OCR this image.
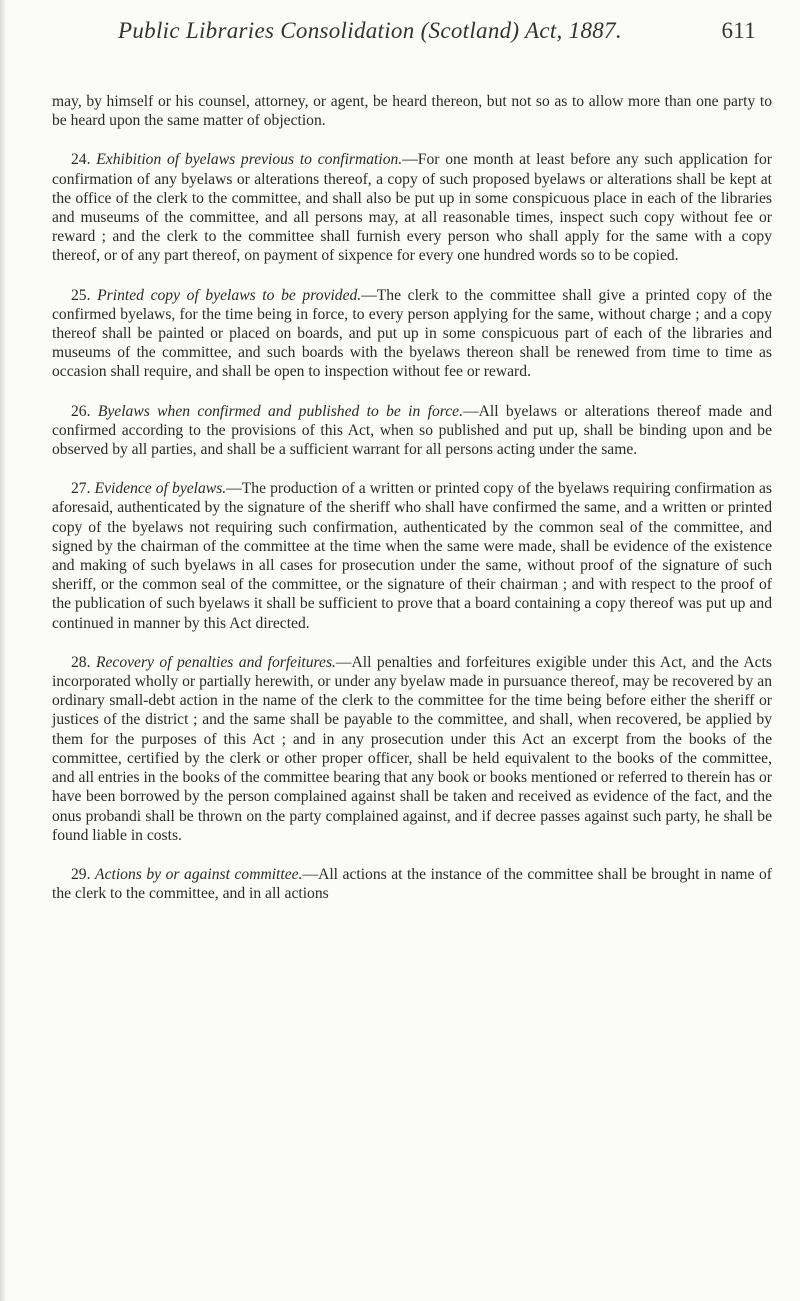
Public Libraries Consolidation (Scotland) Act, 1887.	611

may, by himself or his counsel, attorney, or agent, be heard thereon, but not so as to allow more than one party to be heard upon the same matter of objection.

24. Exhibition of byelaws previous to confirmation.—For one month at least before any such application for confirmation of any byelaws or alterations thereof, a copy of such proposed byelaws or alterations shall be kept at the office of the clerk to the committee, and shall also be put up in some conspicuous place in each of the libraries and museums of the committee, and all persons may, at all reasonable times, inspect such copy without fee or reward ; and the clerk to the committee shall furnish every person who shall apply for the same with a copy thereof, or of any part thereof, on payment of sixpence for every one hundred words so to be copied.

25. Printed copy of byelaws to be provided.—The clerk to the committee shall give a printed copy of the confirmed byelaws, for the time being in force, to every person applying for the same, without charge ; and a copy thereof shall be painted or placed on boards, and put up in some conspicuous part of each of the libraries and museums of the committee, and such boards with the byelaws thereon shall be renewed from time to time as occasion shall require, and shall be open to inspection without fee or reward.

26. Byelaws when confirmed and published to be in force.—All byelaws or alterations thereof made and confirmed according to the provisions of this Act, when so published and put up, shall be binding upon and be observed by all parties, and shall be a sufficient warrant for all persons acting under the same.

27. Evidence of byelaws.—The production of a written or printed copy of the byelaws requiring confirmation as aforesaid, authenticated by the signature of the sheriff who shall have confirmed the same, and a written or printed copy of the byelaws not requiring such confirmation, authenticated by the common seal of the committee, and signed by the chairman of the committee at the time when the same were made, shall be evidence of the existence and making of such byelaws in all cases for prosecution under the same, without proof of the signature of such sheriff, or the common seal of the committee, or the signature of their chairman ; and with respect to the proof of the publication of such byelaws it shall be sufficient to prove that a board containing a copy thereof was put up and continued in manner by this Act directed.

28. Recovery of penalties and forfeitures.—All penalties and forfeitures exigible under this Act, and the Acts incorporated wholly or partially herewith, or under any byelaw made in pursuance thereof, may be recovered by an ordinary small-debt action in the name of the clerk to the committee for the time being before either the sheriff or justices of the district ; and the same shall be payable to the committee, and shall, when recovered, be applied by them for the purposes of this Act ; and in any prosecution under this Act an excerpt from the books of the committee, certified by the clerk or other proper officer, shall be held equivalent to the books of the committee, and all entries in the books of the committee bearing that any book or books mentioned or referred to therein has or have been borrowed by the person complained against shall be taken and received as evidence of the fact, and the onus probandi shall be thrown on the party complained against, and if decree passes against such party, he shall be found liable in costs.

29. Actions by or against committee.—All actions at the instance of the committee shall be brought in name of the clerk to the committee, and in all actions
